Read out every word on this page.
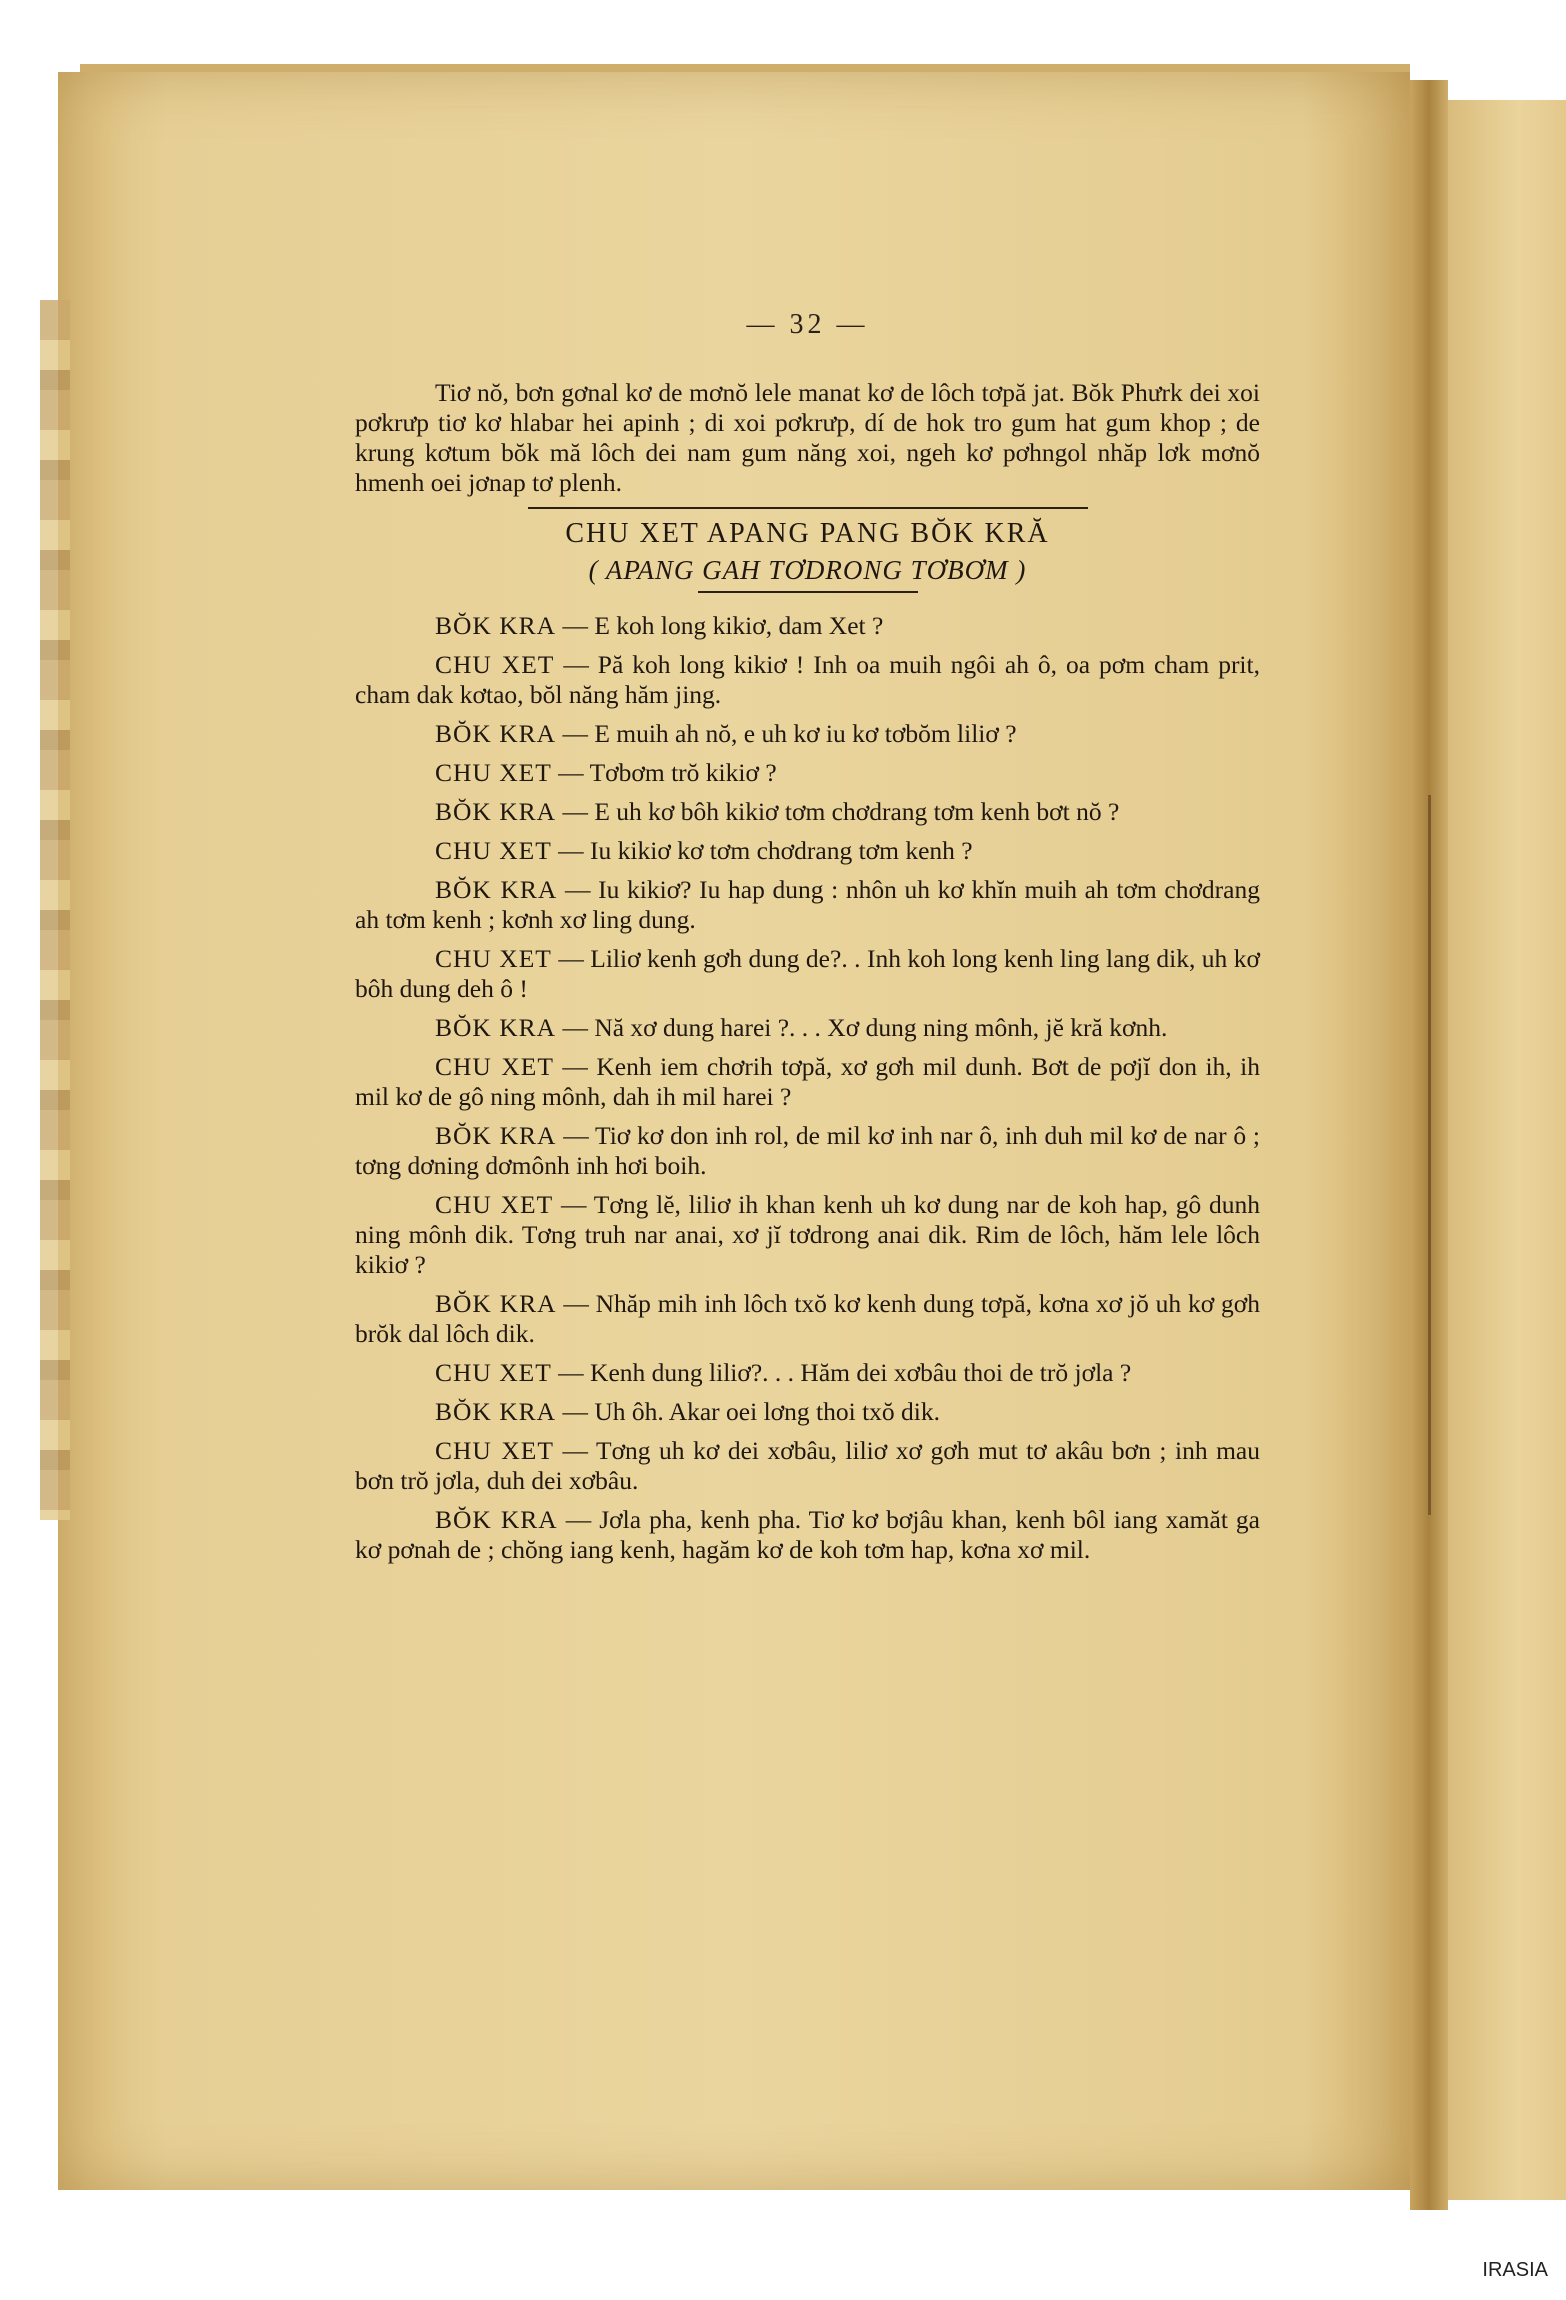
— 32 —

Tiơ nŏ, bơn gơnal kơ de mơnŏ lele manat kơ de lôch tơpă jat. Bŏk Phưrk dei xoi pơkrưp tiơ kơ hlabar hei apinh ; di xoi pơkrưp, dí de hok tro gum hat gum khop ; de krung kơtum bŏk mă lôch dei nam gum năng xoi, ngeh kơ pơhngol nhăp lơk mơnŏ hmenh oei jơnap tơ plenh.

CHU XET APANG PANG BŎK KRĂ
( APANG GAH TƠDRONG TƠBƠM )

BŎK KRA — E koh long kikiơ, dam Xet ?

CHU XET — Pă koh long kikiơ ! Inh oa muih ngôi ah ô, oa pơm cham prit, cham dak kơtao, bŏl năng hăm jing.

BŎK KRA — E muih ah nŏ, e uh kơ iu kơ tơbŏm liliơ ?

CHU XET — Tơbơm trŏ kikiơ ?

BŎK KRA — E uh kơ bôh kikiơ tơm chơdrang tơm kenh bơt nŏ ?

CHU XET — Iu kikiơ kơ tơm chơdrang tơm kenh ?

BŎK KRA — Iu kikiơ? Iu hap dung : nhôn uh kơ khĭn muih ah tơm chơdrang ah tơm kenh ; kơnh xơ ling dung.

CHU XET — Liliơ kenh gơh dung de?. . Inh koh long kenh ling lang dik, uh kơ bôh dung deh ô !

BŎK KRA — Nă xơ dung harei ?. . . Xơ dung ning mônh, jĕ kră kơnh.

CHU XET — Kenh iem chơrih tơpă, xơ gơh mil dunh. Bơt de pơjĭ don ih, ih mil kơ de gô ning mônh, dah ih mil harei ?

BŎK KRA — Tiơ kơ don inh rol, de mil kơ inh nar ô, inh duh mil kơ de nar ô ; tơng dơning dơmônh inh hơi boih.

CHU XET — Tơng lĕ, liliơ ih khan kenh uh kơ dung nar de koh hap, gô dunh ning mônh dik. Tơng truh nar anai, xơ jĭ tơdrong anai dik. Rim de lôch, hăm lele lôch kikiơ ?

BŎK KRA — Nhăp mih inh lôch txŏ kơ kenh dung tơpă, kơna xơ jŏ uh kơ gơh brŏk dal lôch dik.

CHU XET — Kenh dung liliơ?. . . Hăm dei xơbâu thoi de trŏ jơla ?

BŎK KRA — Uh ôh. Akar oei lơng thoi txŏ dik.

CHU XET — Tơng uh kơ dei xơbâu, liliơ xơ gơh mut tơ akâu bơn ; inh mau bơn trŏ jơla, duh dei xơbâu.

BŎK KRA — Jơla pha, kenh pha. Tiơ kơ bơjâu khan, kenh bôl iang xamăt ga kơ pơnah de ; chŏng iang kenh, hagăm kơ de koh tơm hap, kơna xơ mil.

IRASIA
